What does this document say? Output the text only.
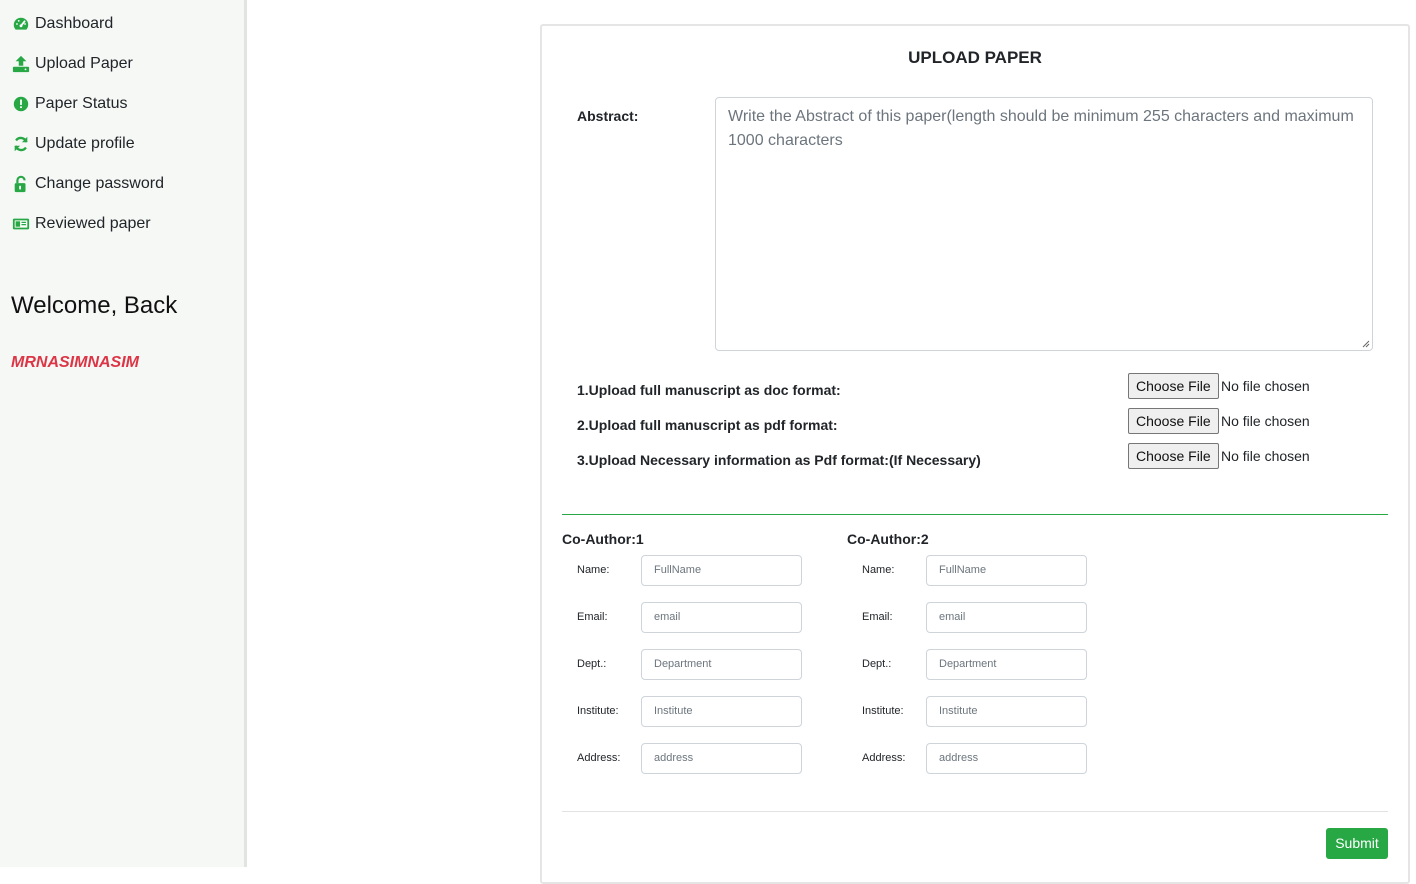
Dashboard
Upload Paper
Paper Status
Update profile
Change password
Reviewed paper
Welcome, Back
MRNASIMNASIM
UPLOAD PAPER
Abstract:	Write the Abstract of this paper(length should be minimum 255 characters and maximum 1000 characters
1.Upload full manuscript as doc format:	Choose File No file chosen
2.Upload full manuscript as pdf format:	Choose File No file chosen
3.Upload Necessary information as Pdf format:(If Necessary)	Choose File No file chosen
Co-Author:1
Name:	FullName
Email:	email
Dept.:	Department
Institute:	Institute
Address:	address
Co-Author:2
Name:	FullName
Email:	email
Dept.:	Department
Institute:	Institute
Address:	address
Submit
